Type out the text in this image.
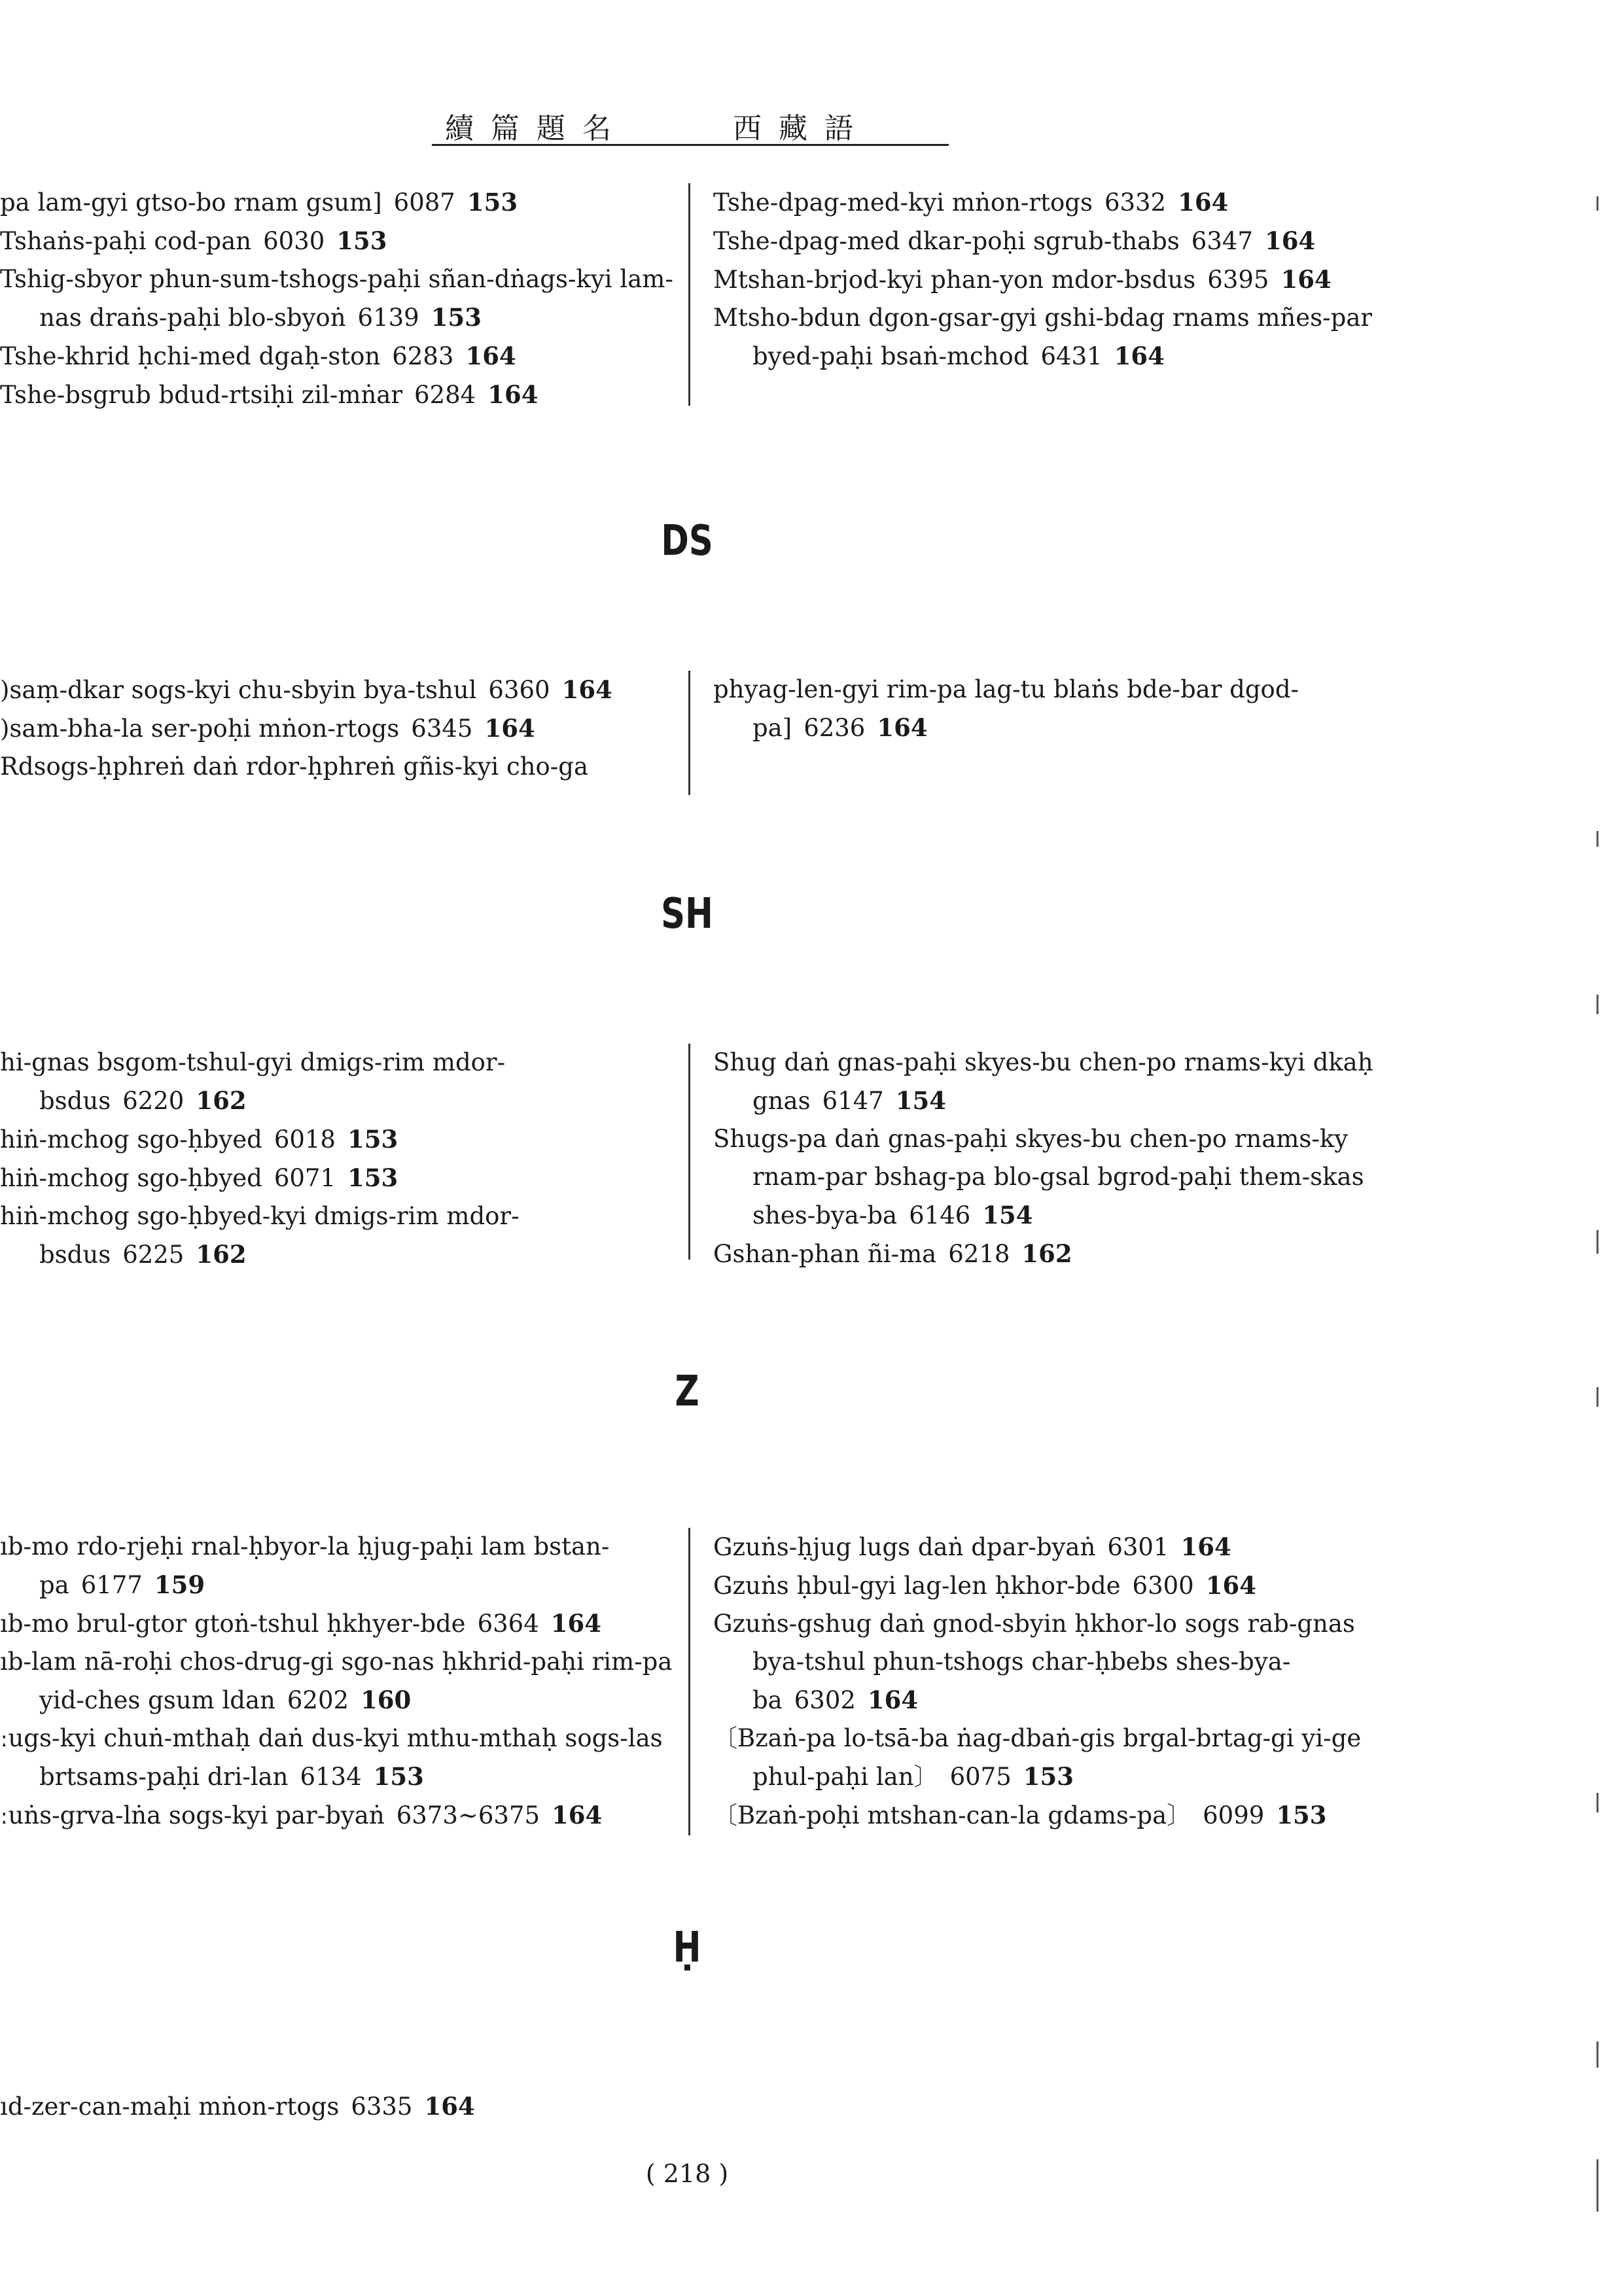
續 篇 題 名	西 藏 語
pa lam-gyi gtso-bo rnam gsum] 6087 153
Tshaṅs-paḥi cod-pan 6030 153
Tshig-sbyor phun-sum-tshogs-paḥi sñan-dṅags-kyi lam-nas draṅs-paḥi blo-sbyoṅ 6139 153
Tshe-khrid ḥchi-med dgaḥ-ston 6283 164
Tshe-bsgrub bdud-rtsiḥi zil-mṅar 6284 164
Tshe-dpag-med-kyi mṅon-rtogs 6332 164
Tshe-dpag-med dkar-poḥi sgrub-thabs 6347 164
Mtshan-brjod-kyi phan-yon mdor-bsdus 6395 164
Mtsho-bdun dgon-gsar-gyi gshi-bdag rnams mñes-par byed-paḥi bsaṅ-mchod 6431 164
DS
)saṃ-dkar sogs-kyi chu-sbyin bya-tshul 6360 164
)sam-bha-la ser-poḥi mṅon-rtogs 6345 164
Rdsogs-ḥphreṅ daṅ rdor-ḥphreṅ gñis-kyi cho-ga
phyag-len-gyi rim-pa lag-tu blaṅs bde-bar dgod-pa] 6236 164
SH
hi-gnas bsgom-tshul-gyi dmigs-rim mdor-bsdus 6220 162
hiṅ-mchog sgo-ḥbyed 6018 153
hiṅ-mchog sgo-ḥbyed 6071 153
hiṅ-mchog sgo-ḥbyed-kyi dmigs-rim mdor-bsdus 6225 162
Shug daṅ gnas-paḥi skyes-bu chen-po rnams-kyi dkaḥ gnas 6147 154
Shugs-pa daṅ gnas-paḥi skyes-bu chen-po rnams-ky rnam-par bshag-pa blo-gsal bgrod-paḥi them-skas shes-bya-ba 6146 154
Gshan-phan ñi-ma 6218 162
Z
ıb-mo rdo-rjeḥi rnal-ḥbyor-la ḥjug-paḥi lam bstan-pa 6177 159
ıb-mo brul-gtor gtoṅ-tshul ḥkhyer-bde 6364 164
ıb-lam nā-roḥi chos-drug-gi sgo-nas ḥkhrid-paḥi rim-pa yid-ches gsum ldan 6202 160
ːugs-kyi chuṅ-mthaḥ daṅ dus-kyi mthu-mthaḥ sogs-las brtsams-paḥi dri-lan 6134 153
ːuṅs-grva-lṅa sogs-kyi par-byaṅ 6373~6375 164
Gzuṅs-ḥjug lugs daṅ dpar-byaṅ 6301 164
Gzuṅs ḥbul-gyi lag-len ḥkhor-bde 6300 164
Gzuṅs-gshug daṅ gnod-sbyin ḥkhor-lo sogs rab-gnas bya-tshul phun-tshogs char-ḥbebs shes-bya-ba 6302 164
〔Bzaṅ-pa lo-tsā-ba ṅag-dbaṅ-gis brgal-brtag-gi yi-ge phul-paḥi lan〕 6075 153
〔Bzaṅ-poḥi mtshan-can-la gdams-pa〕 6099 153
Ḥ
ıd-zer-can-maḥi mṅon-rtogs 6335 164
( 218 )
